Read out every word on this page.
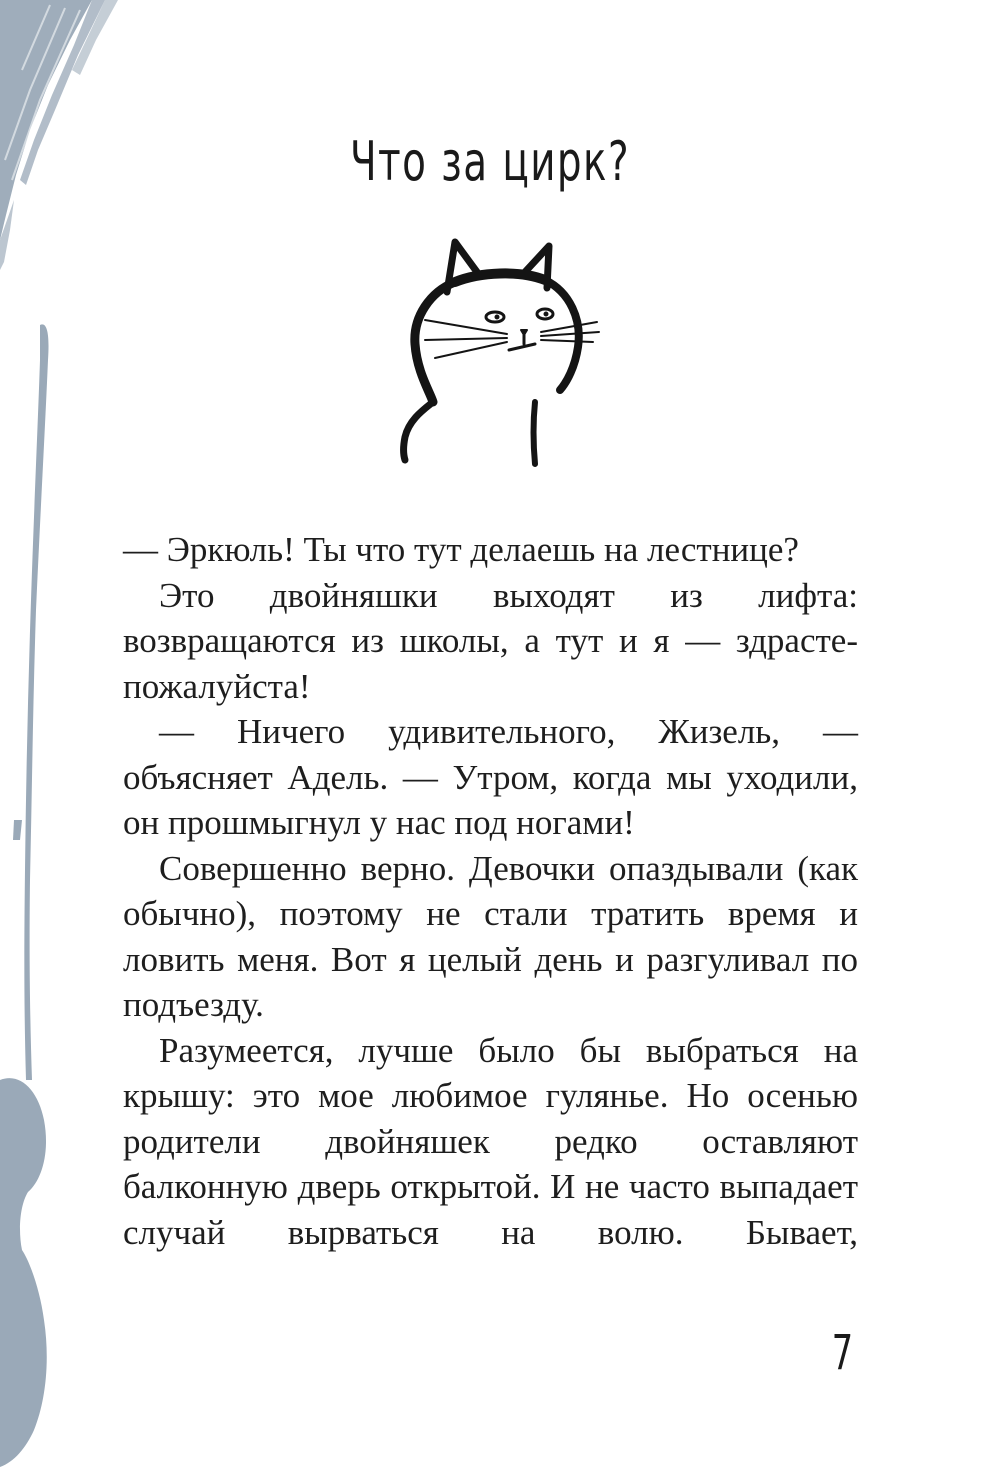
Что за цирк?

— Эркюль! Ты что тут делаешь на лестнице?

Это двойняшки выходят из лифта: возвращаются из школы, а тут и я — здрасте-пожалуйста!

— Ничего удивительного, Жизель, — объясняет Адель. — Утром, когда мы уходили, он прошмыгнул у нас под ногами!

Совершенно верно. Девочки опаздывали (как обычно), поэтому не стали тратить время и ловить меня. Вот я целый день и разгуливал по подъезду.

Разумеется, лучше было бы выбраться на крышу: это мое любимое гулянье. Но осенью родители двойняшек редко оставляют балконную дверь открытой. И не часто выпадает случай вырваться на волю. Бывает,

7
